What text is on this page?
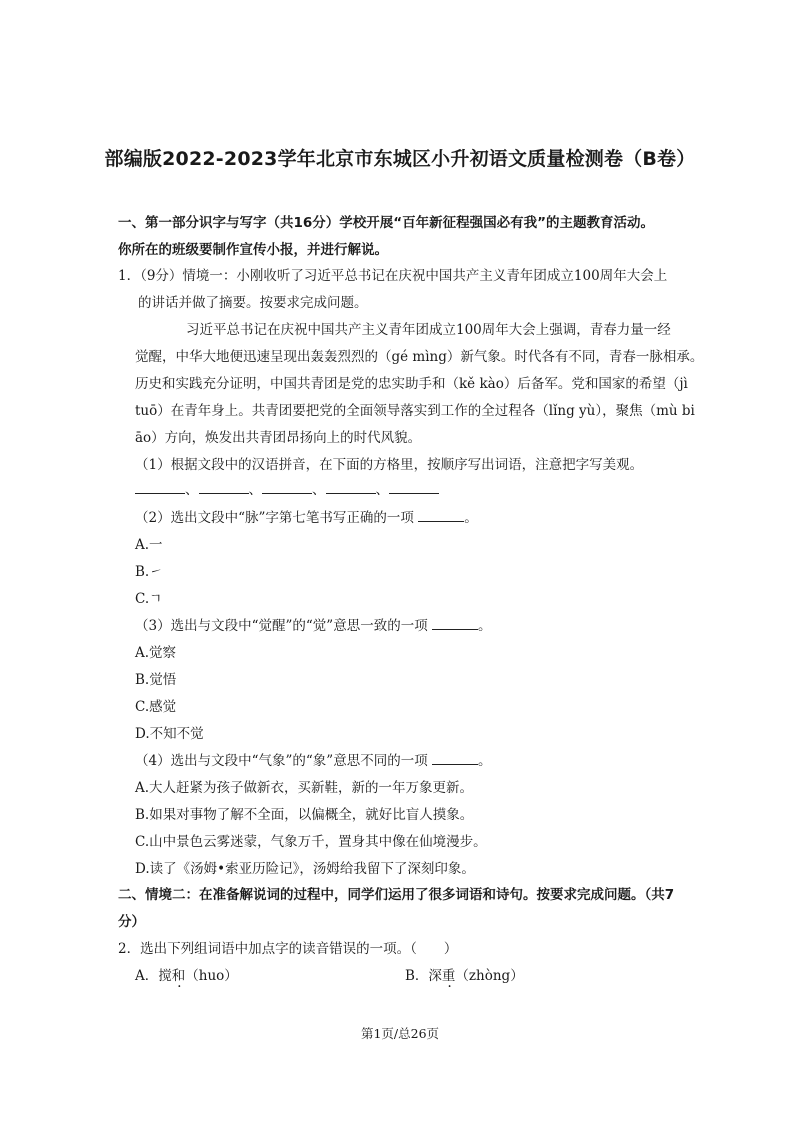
部编版2022-2023学年北京市东城区小升初语文质量检测卷（B卷）
一、第一部分识字与写字（共16分）学校开展“百年新征程强国必有我”的主题教育活动。
你所在的班级要制作宣传小报，并进行解说。
1．（9分）情境一：小刚收听了习近平总书记在庆祝中国共产主义青年团成立100周年大会上
的讲话并做了摘要。按要求完成问题。
习近平总书记在庆祝中国共产主义青年团成立100周年大会上强调，青春力量一经
觉醒，中华大地便迅速呈现出轰轰烈烈的（gé mìng）新气象。时代各有不同，青春一脉相承。
历史和实践充分证明，中国共青团是党的忠实助手和（kě kào）后备军。党和国家的希望（jì
tuō）在青年身上。共青团要把党的全面领导落实到工作的全过程各（lǐng yù），聚焦（mù bi
āo）方向，焕发出共青团昂扬向上的时代风貌。
（1）根据文段中的汉语拼音，在下面的方格里，按顺序写出词语，注意把字写美观。
、	、	、	、
（2）选出文段中“脉”字第七笔书写正确的一项	。
A.一
B.㇀
C.ㄱ
（3）选出与文段中“觉醒”的“觉”意思一致的一项	。
A.觉察
B.觉悟
C.感觉
D.不知不觉
（4）选出与文段中“气象”的“象”意思不同的一项	。
A.大人赶紧为孩子做新衣，买新鞋，新的一年万象更新。
B.如果对事物了解不全面，以偏概全，就好比盲人摸象。
C.山中景色云雾迷蒙，气象万千，置身其中像在仙境漫步。
D.读了《汤姆•索亚历险记》，汤姆给我留下了深刻印象。
二、情境二：在准备解说词的过程中，同学们运用了很多词语和诗句。按要求完成问题。（共7
分）
2．选出下列组词语中加点字的读音错误的一项。（　　）
A．搅和（huo）	B．深重（zhòng）
第1页/总26页
